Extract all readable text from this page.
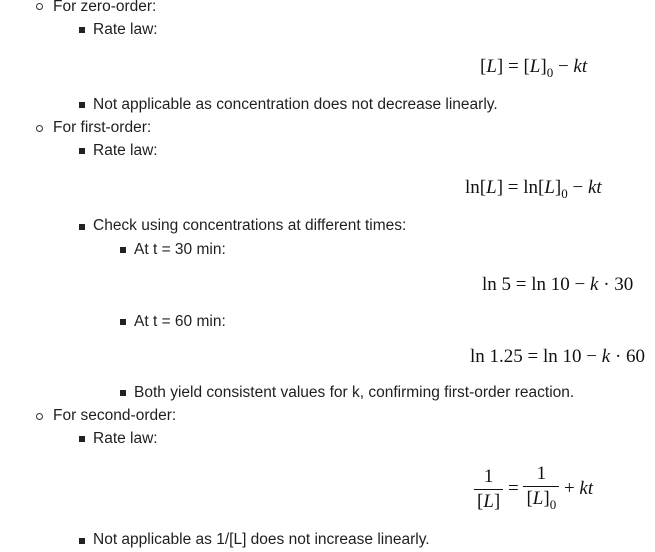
For zero-order:
Rate law:
$[L] = [L]_0$ − kt
Not applicable as concentration does not decrease linearly.
For first-order:
Rate law:
$\ln[L] = \ln[L]_0$ − kt
Check using concentrations at different times:
At t = 30 min:
ln 5 = ln 10 − k · 30
At t = 60 min:
ln 1.25 = ln 10 − k · 60
Both yield consistent values for k, confirming first-order reaction.
For second-order:
Rate law:
$\frac{1}{[L]} = \frac{1}{[L]_0}$ + kt
Not applicable as 1/[L] does not increase linearly.
